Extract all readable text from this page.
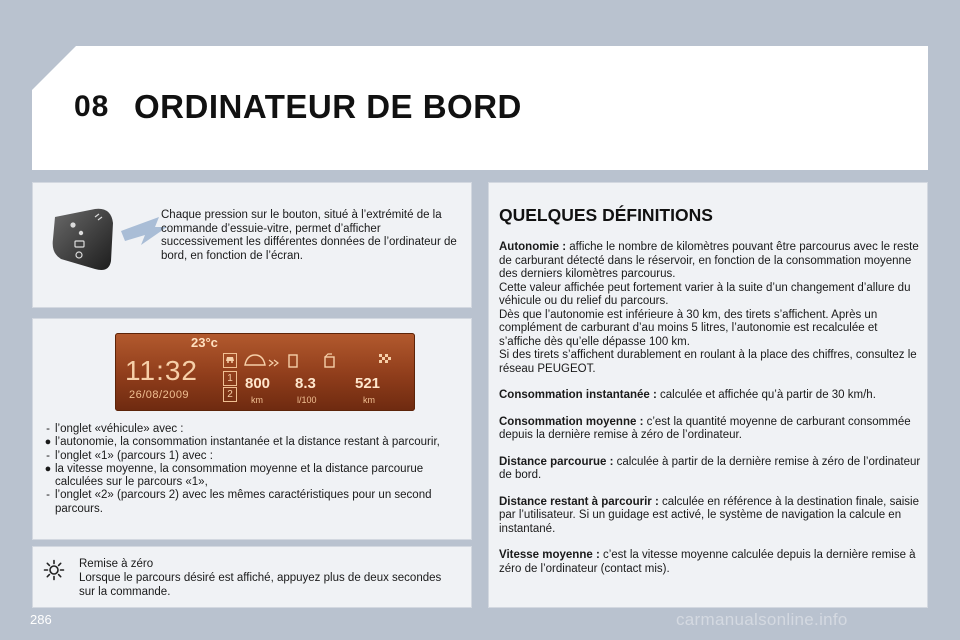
08 ORDINATEUR DE BORD
Chaque pression sur le bouton, situé à l’extrémité de la commande d’essuie-vitre, permet d’afficher successivement les différentes données de l’ordinateur de bord, en fonction de l’écran.
23°c
11:32
26/08/2009
1
2
800 8.3	521
km	l/100	km
- l’onglet «véhicule» avec :
● l’autonomie, la consommation instantanée et la distance restant à parcourir,
- l’onglet «1» (parcours 1) avec :
● la vitesse moyenne, la consommation moyenne et la distance parcourue calculées sur le parcours «1»,
- l’onglet «2» (parcours 2) avec les mêmes caractéristiques pour un second parcours.
Remise à zéro
Lorsque le parcours désiré est affiché, appuyez plus de deux secondes sur la commande.
QUELQUES DÉFINITIONS
Autonomie : affiche le nombre de kilomètres pouvant être parcourus avec le reste de carburant détecté dans le réservoir, en fonction de la consommation moyenne des derniers kilomètres parcourus.
Cette valeur affichée peut fortement varier à la suite d’un changement d’allure du véhicule ou du relief du parcours.
Dès que l’autonomie est inférieure à 30 km, des tirets s’affichent. Après un complément de carburant d’au moins 5 litres, l’autonomie est recalculée et s’affiche dès qu’elle dépasse 100 km.
Si des tirets s’affichent durablement en roulant à la place des chiffres, consultez le réseau PEUGEOT.
Consommation instantanée : calculée et affichée qu’à partir de 30 km/h.
Consommation moyenne : c’est la quantité moyenne de carburant consommée depuis la dernière remise à zéro de l’ordinateur.
Distance parcourue : calculée à partir de la dernière remise à zéro de l’ordinateur de bord.
Distance restant à parcourir : calculée en référence à la destination finale, saisie par l’utilisateur. Si un guidage est activé, le système de navigation la calcule en instantané.
Vitesse moyenne : c’est la vitesse moyenne calculée depuis la dernière remise à zéro de l’ordinateur (contact mis).
286	carmanualsonline.info
